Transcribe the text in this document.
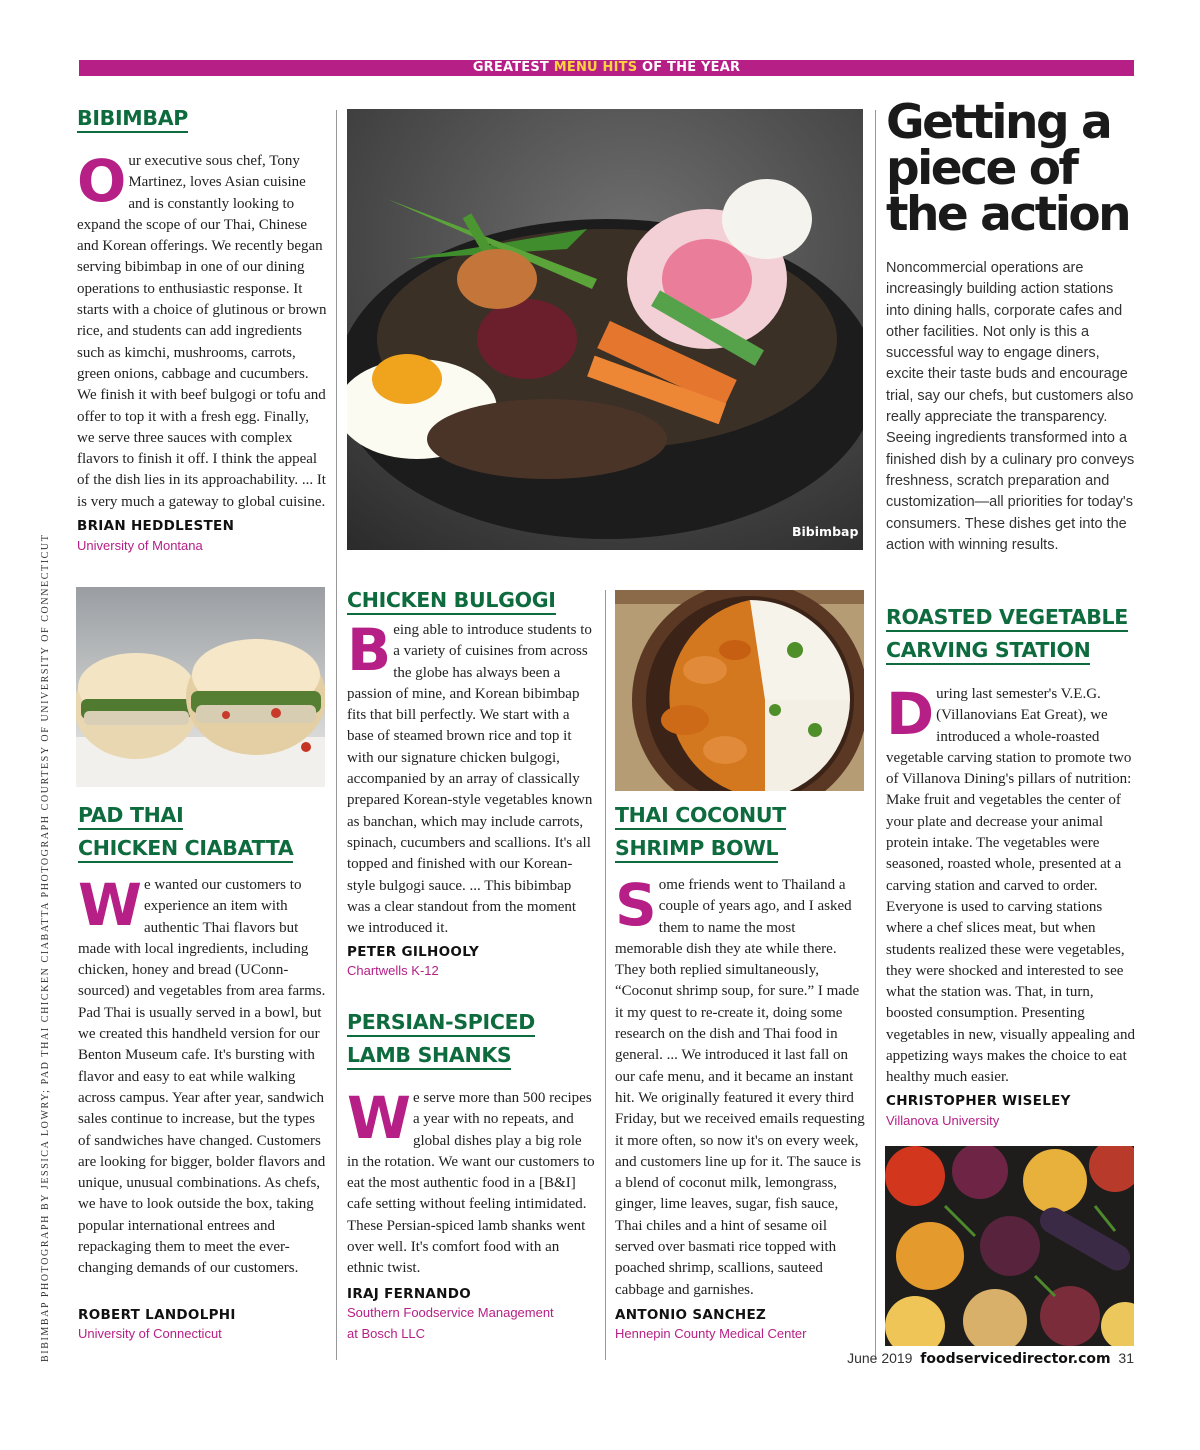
GREATEST MENU HITS OF THE YEAR
BIBIMBAP PHOTOGRAPH BY JESSICA LOWRY; PAD THAI CHICKEN CIABATTA PHOTOGRAPH COURTESY OF UNIVERSITY OF CONNECTICUT
BIBIMBAP

Our executive sous chef, Tony Martinez, loves Asian cuisine and is constantly looking to expand the scope of our Thai, Chinese and Korean offerings. We recently began serving bibimbap in one of our dining operations to enthusiastic response. It starts with a choice of glutinous or brown rice, and students can add ingredients such as kimchi, mushrooms, carrots, green onions, cabbage and cucumbers. We finish it with beef bulgogi or tofu and offer to top it with a fresh egg. Finally, we serve three sauces with complex flavors to finish it off. I think the appeal of the dish lies in its approachability. ... It is very much a gateway to global cuisine.

BRIAN HEDDLESTEN
University of Montana
PAD THAI
CHICKEN CIABATTA

We wanted our customers to experience an item with authentic Thai flavors but made with local ingredients, including chicken, honey and bread (UConn-sourced) and vegetables from area farms. Pad Thai is usually served in a bowl, but we created this handheld version for our Benton Museum cafe. It's bursting with flavor and easy to eat while walking across campus. Year after year, sandwich sales continue to increase, but the types of sandwiches have changed. Customers are looking for bigger, bolder flavors and unique, unusual combinations. As chefs, we have to look outside the box, taking popular international entrees and repackaging them to meet the ever-changing demands of our customers.

ROBERT LANDOLPHI
University of Connecticut
Bibimbap
CHICKEN BULGOGI

Being able to introduce students to a variety of cuisines from across the globe has always been a passion of mine, and Korean bibimbap fits that bill perfectly. We start with a base of steamed brown rice and top it with our signature chicken bulgogi, accompanied by an array of classically prepared Korean-style vegetables known as banchan, which may include carrots, spinach, cucumbers and scallions. It's all topped and finished with our Korean-style bulgogi sauce. ... This bibimbap was a clear standout from the moment we introduced it.

PETER GILHOOLY
Chartwells K-12
PERSIAN-SPICED
LAMB SHANKS

We serve more than 500 recipes a year with no repeats, and global dishes play a big role in the rotation. We want our customers to eat the most authentic food in a [B&I] cafe setting without feeling intimidated. These Persian-spiced lamb shanks went over well. It's comfort food with an ethnic twist.

IRAJ FERNANDO
Southern Foodservice Management
at Bosch LLC
THAI COCONUT
SHRIMP BOWL

Some friends went to Thailand a couple of years ago, and I asked them to name the most memorable dish they ate while there. They both replied simultaneously, “Coconut shrimp soup, for sure.” I made it my quest to re-create it, doing some research on the dish and Thai food in general. ... We introduced it last fall on our cafe menu, and it became an instant hit. We originally featured it every third Friday, but we received emails requesting it more often, so now it's on every week, and customers line up for it. The sauce is a blend of coconut milk, lemongrass, ginger, lime leaves, sugar, fish sauce, Thai chiles and a hint of sesame oil served over basmati rice topped with poached shrimp, scallions, sauteed cabbage and garnishes.

ANTONIO SANCHEZ
Hennepin County Medical Center
Getting a piece of the action
Noncommercial operations are increasingly building action stations into dining halls, corporate cafes and other facilities. Not only is this a successful way to engage diners, excite their taste buds and encourage trial, say our chefs, but customers also really appreciate the transparency. Seeing ingredients transformed into a finished dish by a culinary pro conveys freshness, scratch preparation and customization—all priorities for today's consumers. These dishes get into the action with winning results.
ROASTED VEGETABLE
CARVING STATION

During last semester's V.E.G. (Villanovians Eat Great), we introduced a whole-roasted vegetable carving station to promote two of Villanova Dining's pillars of nutrition: Make fruit and vegetables the center of your plate and decrease your animal protein intake. The vegetables were seasoned, roasted whole, presented at a carving station and carved to order. Everyone is used to carving stations where a chef slices meat, but when students realized these were vegetables, they were shocked and interested to see what the station was. That, in turn, boosted consumption. Presenting vegetables in new, visually appealing and appetizing ways makes the choice to eat healthy much easier.

CHRISTOPHER WISELEY
Villanova University
June 2019 foodservicedirector.com 31
